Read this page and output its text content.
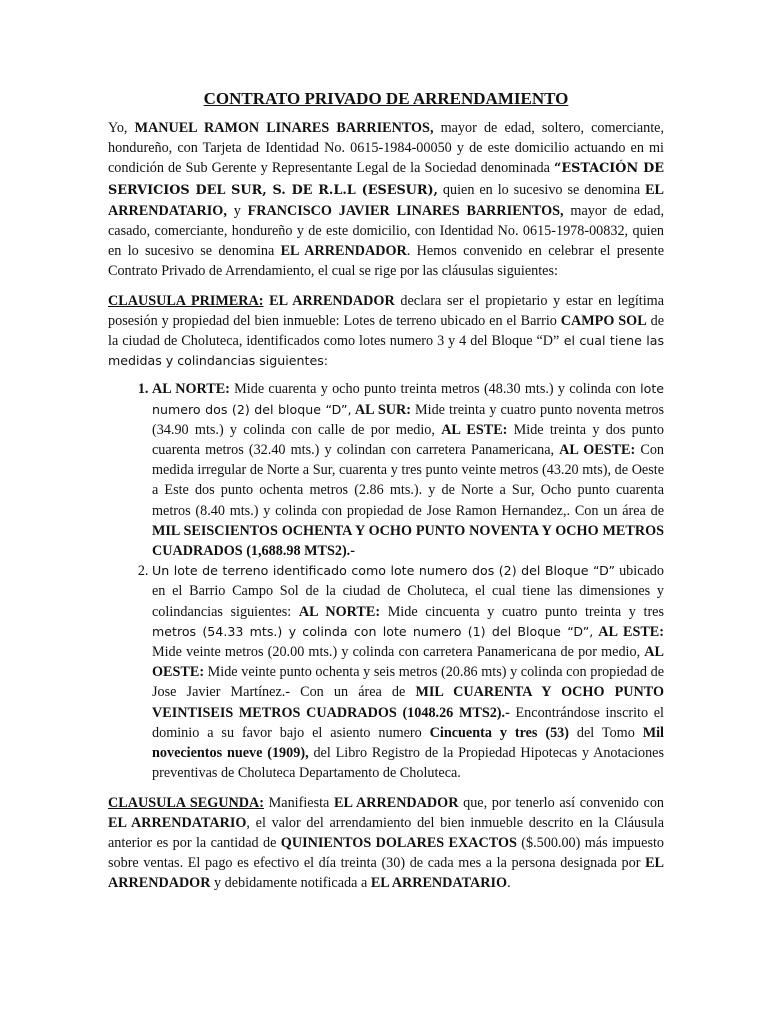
CONTRATO PRIVADO DE ARRENDAMIENTO

Yo, MANUEL RAMON LINARES BARRIENTOS, mayor de edad, soltero, comerciante, hondureño, con Tarjeta de Identidad No. 0615-1984-00050 y de este domicilio actuando en mi condición de Sub Gerente y Representante Legal de la Sociedad denominada “ESTACIÓN DE SERVICIOS DEL SUR, S. DE R.L.L (ESESUR), quien en lo sucesivo se denomina EL ARRENDATARIO, y FRANCISCO JAVIER LINARES BARRIENTOS, mayor de edad, casado, comerciante, hondureño y de este domicilio, con Identidad No. 0615-1978-00832, quien en lo sucesivo se denomina EL ARRENDADOR. Hemos convenido en celebrar el presente Contrato Privado de Arrendamiento, el cual se rige por las cláusulas siguientes:

CLAUSULA PRIMERA: EL ARRENDADOR declara ser el propietario y estar en legítima posesión y propiedad del bien inmueble: Lotes de terreno ubicado en el Barrio CAMPO SOL de la ciudad de Choluteca, identificados como lotes numero 3 y 4 del Bloque “D” el cual tiene las medidas y colindancias siguientes:

1. AL NORTE: Mide cuarenta y ocho punto treinta metros (48.30 mts.) y colinda con lote numero dos (2) del bloque “D”, AL SUR: Mide treinta y cuatro punto noventa metros (34.90 mts.) y colinda con calle de por medio, AL ESTE: Mide treinta y dos punto cuarenta metros (32.40 mts.) y colindan con carretera Panamericana, AL OESTE: Con medida irregular de Norte a Sur, cuarenta y tres punto veinte metros (43.20 mts), de Oeste a Este dos punto ochenta metros (2.86 mts.). y de Norte a Sur, Ocho punto cuarenta metros (8.40 mts.) y colinda con propiedad de Jose Ramon Hernandez,. Con un área de MIL SEISCIENTOS OCHENTA Y OCHO PUNTO NOVENTA Y OCHO METROS CUADRADOS (1,688.98 MTS2).-
2. Un lote de terreno identificado como lote numero dos (2) del Bloque “D” ubicado en el Barrio Campo Sol de la ciudad de Choluteca, el cual tiene las dimensiones y colindancias siguientes: AL NORTE: Mide cincuenta y cuatro punto treinta y tres metros (54.33 mts.) y colinda con lote numero (1) del Bloque “D”, AL ESTE: Mide veinte metros (20.00 mts.) y colinda con carretera Panamericana de por medio, AL OESTE: Mide veinte punto ochenta y seis metros (20.86 mts) y colinda con propiedad de Jose Javier Martínez.- Con un área de MIL CUARENTA Y OCHO PUNTO VEINTISEIS METROS CUADRADOS (1048.26 MTS2).- Encontrándose inscrito el dominio a su favor bajo el asiento numero Cincuenta y tres (53) del Tomo Mil novecientos nueve (1909), del Libro Registro de la Propiedad Hipotecas y Anotaciones preventivas de Choluteca Departamento de Choluteca.

CLAUSULA SEGUNDA: Manifiesta EL ARRENDADOR que, por tenerlo así convenido con EL ARRENDATARIO, el valor del arrendamiento del bien inmueble descrito en la Cláusula anterior es por la cantidad de QUINIENTOS DOLARES EXACTOS ($.500.00) más impuesto sobre ventas. El pago es efectivo el día treinta (30) de cada mes a la persona designada por EL ARRENDADOR y debidamente notificada a EL ARRENDATARIO.
